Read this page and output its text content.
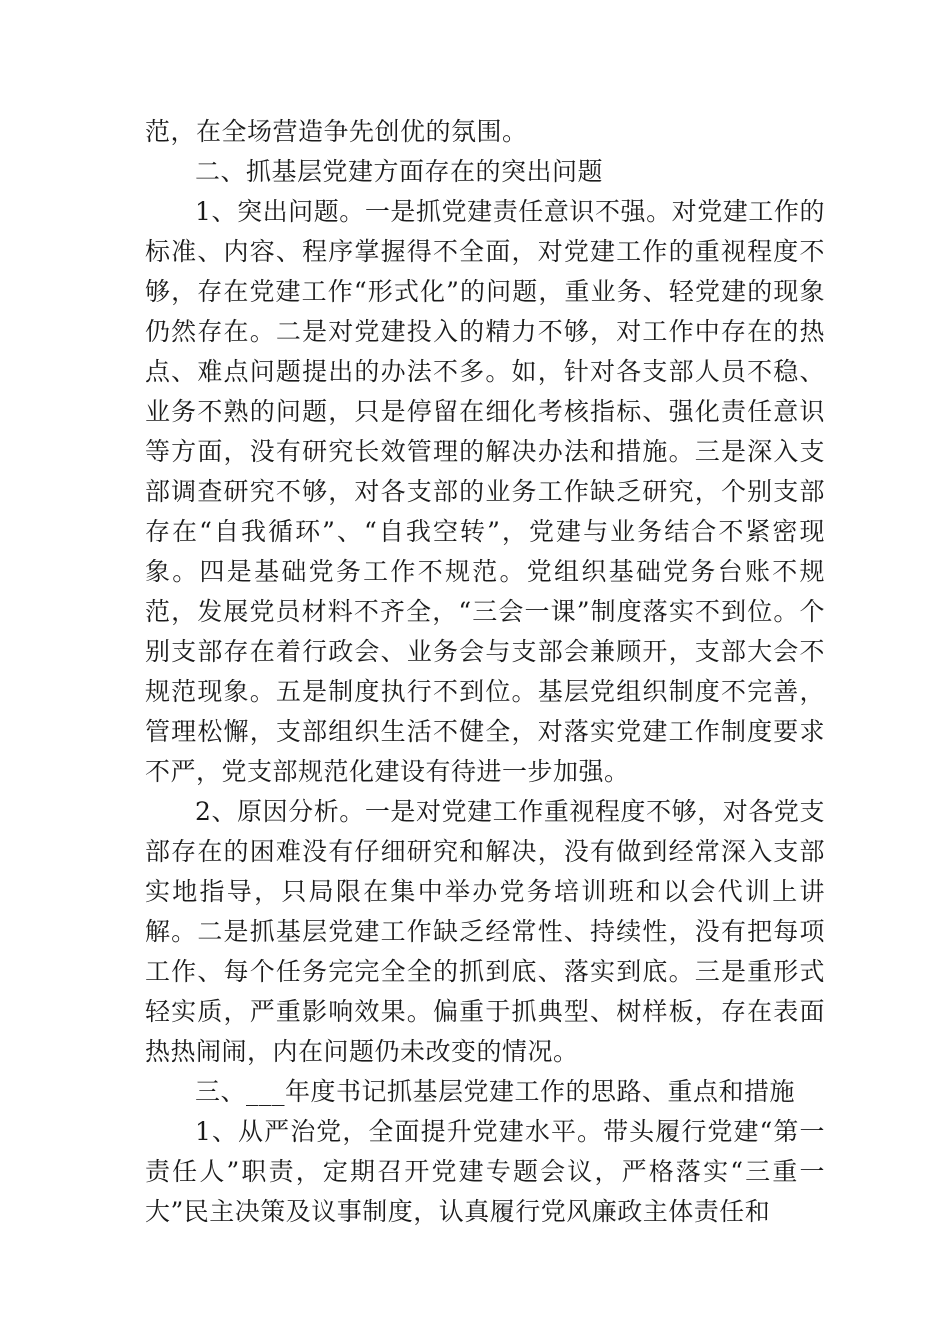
范，在全场营造争先创优的氛围。

二、抓基层党建方面存在的突出问题

1、突出问题。一是抓党建责任意识不强。对党建工作的标准、内容、程序掌握得不全面，对党建工作的重视程度不够，存在党建工作“形式化”的问题，重业务、轻党建的现象仍然存在。二是对党建投入的精力不够，对工作中存在的热点、难点问题提出的办法不多。如，针对各支部人员不稳、业务不熟的问题，只是停留在细化考核指标、强化责任意识等方面，没有研究长效管理的解决办法和措施。三是深入支部调查研究不够，对各支部的业务工作缺乏研究，个别支部存在“自我循环”、“自我空转”，党建与业务结合不紧密现象。四是基础党务工作不规范。党组织基础党务台账不规范，发展党员材料不齐全，“三会一课”制度落实不到位。个别支部存在着行政会、业务会与支部会兼顾开，支部大会不规范现象。五是制度执行不到位。基层党组织制度不完善，管理松懈，支部组织生活不健全，对落实党建工作制度要求不严，党支部规范化建设有待进一步加强。

2、原因分析。一是对党建工作重视程度不够，对各党支部存在的困难没有仔细研究和解决，没有做到经常深入支部实地指导，只局限在集中举办党务培训班和以会代训上讲解。二是抓基层党建工作缺乏经常性、持续性，没有把每项工作、每个任务完完全全的抓到底、落实到底。三是重形式轻实质，严重影响效果。偏重于抓典型、树样板，存在表面热热闹闹，内在问题仍未改变的情况。

三、___年度书记抓基层党建工作的思路、重点和措施

1、从严治党，全面提升党建水平。带头履行党建“第一责任人”职责，定期召开党建专题会议，严格落实“三重一大”民主决策及议事制度，认真履行党风廉政主体责任和
